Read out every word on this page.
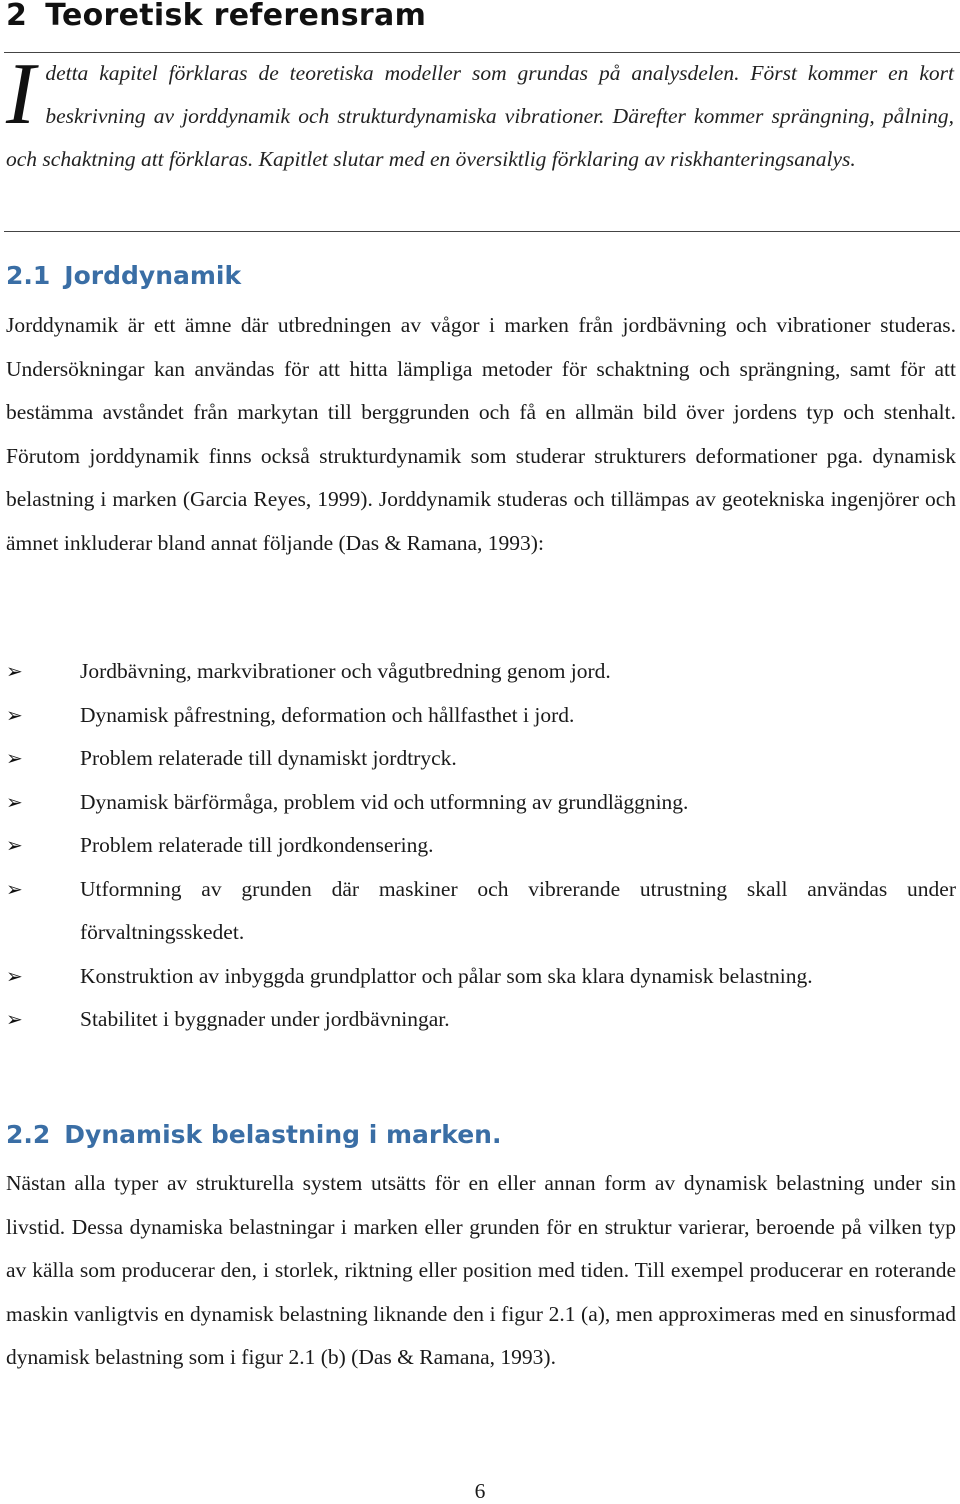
2 Teoretisk referensram
Idetta kapitel förklaras de teoretiska modeller som grundas på analysdelen. Först kommer en kort beskrivning av jorddynamik och strukturdynamiska vibrationer. Därefter kommer sprängning, pålning, och schaktning att förklaras. Kapitlet slutar med en översiktlig förklaring av riskhanteringsanalys.
2.1 Jorddynamik

Jorddynamik är ett ämne där utbredningen av vågor i marken från jordbävning och vibrationer studeras. Undersökningar kan användas för att hitta lämpliga metoder för schaktning och sprängning, samt för att bestämma avståndet från markytan till berggrunden och få en allmän bild över jordens typ och stenhalt. Förutom jorddynamik finns också strukturdynamik som studerar strukturers deformationer pga. dynamisk belastning i marken (Garcia Reyes, 1999). Jorddynamik studeras och tillämpas av geotekniska ingenjörer och ämnet inkluderar bland annat följande (Das & Ramana, 1993):

➢	Jordbävning, markvibrationer och vågutbredning genom jord.
➢	Dynamisk påfrestning, deformation och hållfasthet i jord.
➢	Problem relaterade till dynamiskt jordtryck.
➢	Dynamisk bärförmåga, problem vid och utformning av grundläggning.
➢	Problem relaterade till jordkondensering.
➢	Utformning av grunden där maskiner och vibrerande utrustning skall användas under förvaltningsskedet.
➢	Konstruktion av inbyggda grundplattor och pålar som ska klara dynamisk belastning.
➢	Stabilitet i byggnader under jordbävningar.
2.2 Dynamisk belastning i marken.

Nästan alla typer av strukturella system utsätts för en eller annan form av dynamisk belastning under sin livstid. Dessa dynamiska belastningar i marken eller grunden för en struktur varierar, beroende på vilken typ av källa som producerar den, i storlek, riktning eller position med tiden. Till exempel producerar en roterande maskin vanligtvis en dynamisk belastning liknande den i figur 2.1 (a), men approximeras med en sinusformad dynamisk belastning som i figur 2.1 (b) (Das & Ramana, 1993).

6
